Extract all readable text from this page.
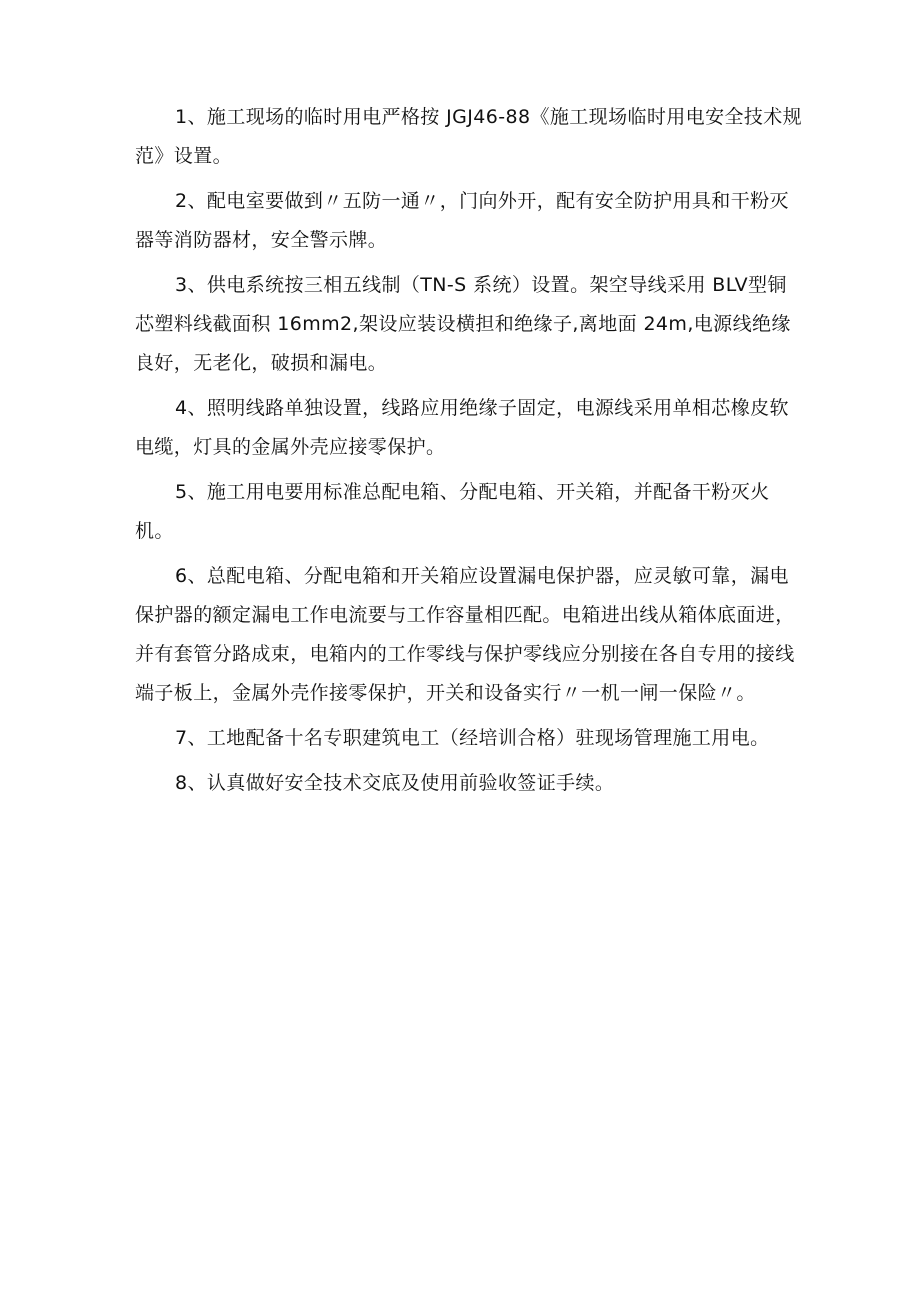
1、施工现场的临时用电严格按 JGJ46-88《施工现场临时用电安全技术规范》设置。

2、配电室要做到〃五防一通〃，门向外开，配有安全防护用具和干粉灭器等消防器材，安全警示牌。

3、供电系统按三相五线制（TN-S 系统）设置。架空导线采用 BLV型铜芯塑料线截面积 16mm2,架设应装设横担和绝缘子,离地面 24m,电源线绝缘良好，无老化，破损和漏电。

4、照明线路单独设置，线路应用绝缘子固定，电源线采用单相芯橡皮软电缆，灯具的金属外壳应接零保护。

5、施工用电要用标准总配电箱、分配电箱、开关箱，并配备干粉灭火机。

6、总配电箱、分配电箱和开关箱应设置漏电保护器，应灵敏可靠，漏电保护器的额定漏电工作电流要与工作容量相匹配。电箱进出线从箱体底面进，并有套管分路成束，电箱内的工作零线与保护零线应分别接在各自专用的接线端子板上，金属外壳作接零保护，开关和设备实行〃一机一闸一保险〃。

7、工地配备十名专职建筑电工（经培训合格）驻现场管理施工用电。

8、认真做好安全技术交底及使用前验收签证手续。
